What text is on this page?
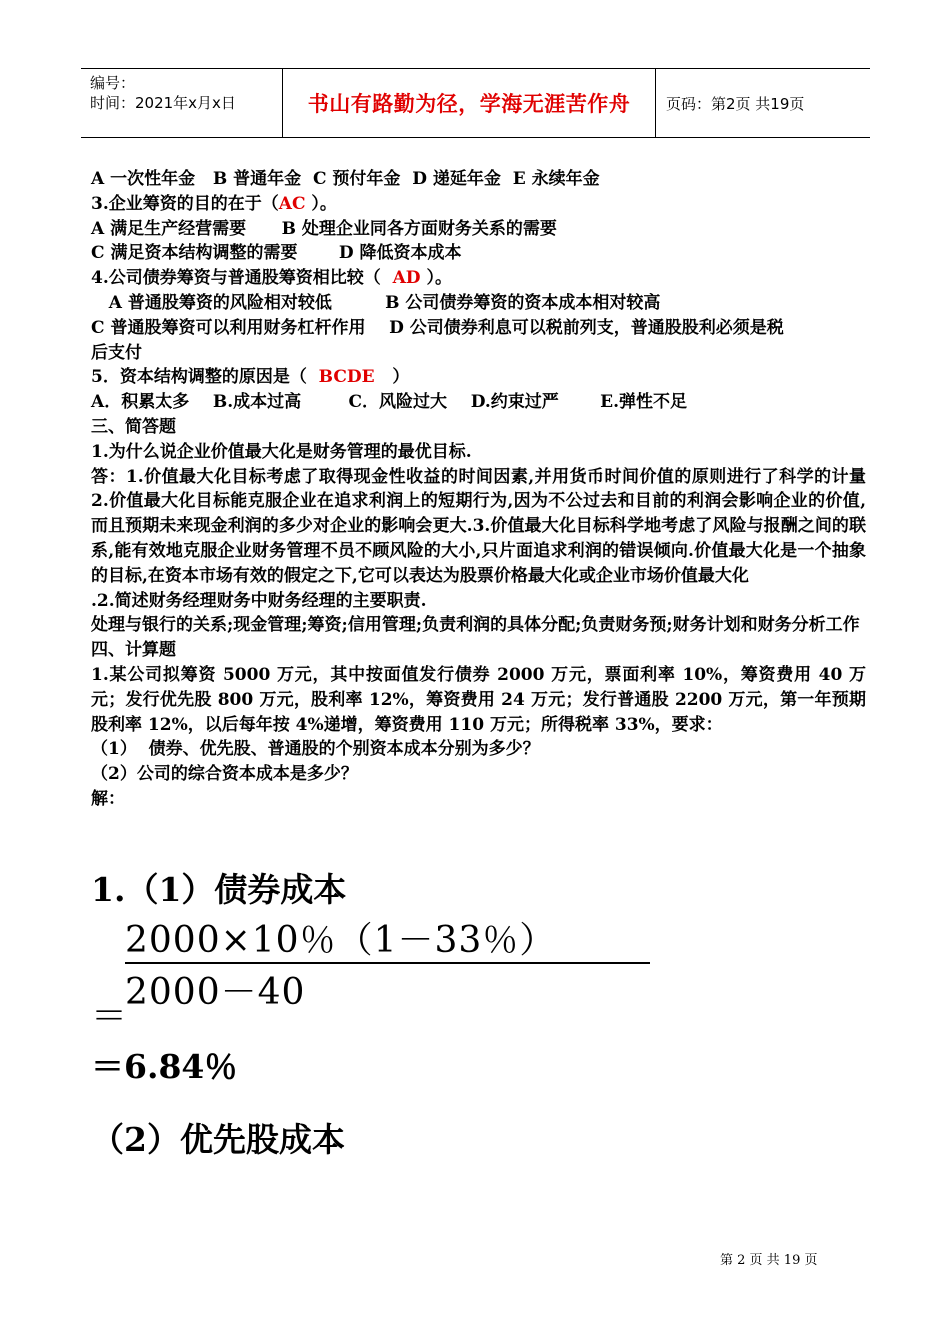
编号：
时间：2021年x月x日	书山有路勤为径，学海无涯苦作舟	页码：第2页 共19页
A 一次性年金   B 普通年金  C 预付年金  D 递延年金  E 永续年金
3.企业筹资的目的在于（AC ）。
A 满足生产经营需要      B 处理企业同各方面财务关系的需要
C 满足资本结构调整的需要       D 降低资本成本
4.公司债券筹资与普通股筹资相比较（  AD ）。
A 普通股筹资的风险相对较低         B 公司债券筹资的资本成本相对较高
C 普通股筹资可以利用财务杠杆作用    D 公司债券利息可以税前列支，普通股股利必须是税
后支付
5．资本结构调整的原因是（  BCDE   ）
A．积累太多    B.成本过高        C．风险过大    D.约束过严       E.弹性不足
三、简答题
1.为什么说企业价值最大化是财务管理的最优目标.
答：1.价值最大化目标考虑了取得现金性收益的时间因素,并用货币时间价值的原则进行了科学的计量 2.价值最大化目标能克服企业在追求利润上的短期行为,因为不公过去和目前的利润会影响企业的价值,而且预期未来现金利润的多少对企业的影响会更大.3.价值最大化目标科学地考虑了风险与报酬之间的联系,能有效地克服企业财务管理不员不顾风险的大小,只片面追求利润的错误倾向.价值最大化是一个抽象的目标,在资本市场有效的假定之下,它可以表达为股票价格最大化或企业市场价值最大化
.2.简述财务经理财务中财务经理的主要职责.
处理与银行的关系;现金管理;筹资;信用管理;负责利润的具体分配;负责财务预;财务计划和财务分析工作
四、计算题
1.某公司拟筹资 5000 万元，其中按面值发行债券 2000 万元，票面利率 10%，筹资费用 40 万元；发行优先股 800 万元，股利率 12%，筹资费用 24 万元；发行普通股 2200 万元，第一年预期股利率 12%，以后每年按 4%递增，筹资费用 110 万元；所得税率 33%，要求：
（1）  债券、优先股、普通股的个别资本成本分别为多少？
（2）公司的综合资本成本是多少？
解：
1.（1）债券成本
2000×10％（1－33％）
2000－40
＝
＝6.84％
（2）优先股成本
第 2 页 共 19 页
